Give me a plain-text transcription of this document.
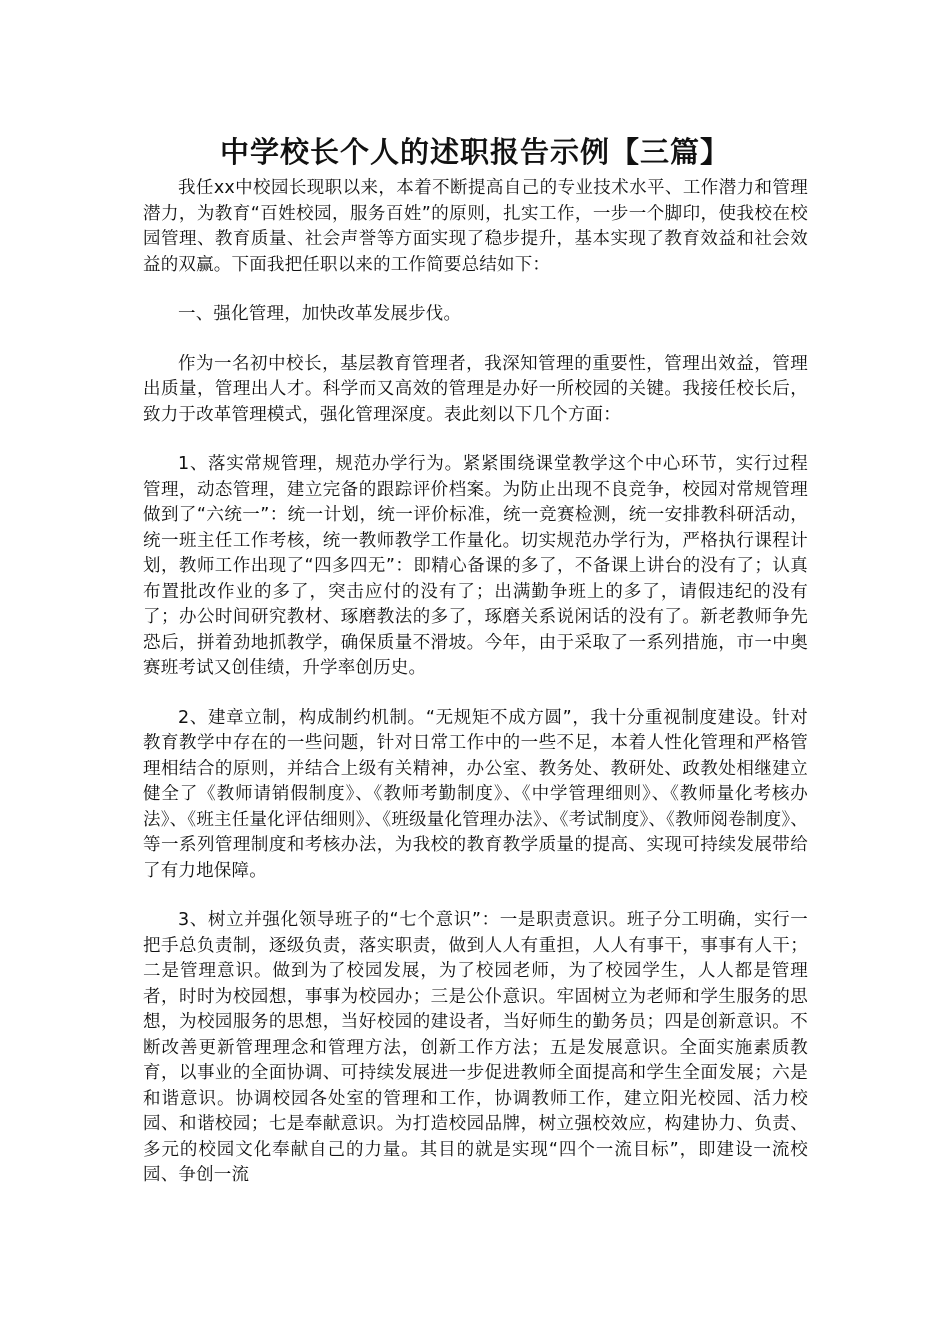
中学校长个人的述职报告示例【三篇】

我任xx中校园长现职以来，本着不断提高自己的专业技术水平、工作潜力和管理潜力，为教育“百姓校园，服务百姓”的原则，扎实工作，一步一个脚印，使我校在校园管理、教育质量、社会声誉等方面实现了稳步提升，基本实现了教育效益和社会效益的双赢。下面我把任职以来的工作简要总结如下：

一、强化管理，加快改革发展步伐。

作为一名初中校长，基层教育管理者，我深知管理的重要性，管理出效益，管理出质量，管理出人才。科学而又高效的管理是办好一所校园的关键。我接任校长后，致力于改革管理模式，强化管理深度。表此刻以下几个方面：

1、落实常规管理，规范办学行为。紧紧围绕课堂教学这个中心环节，实行过程管理，动态管理，建立完备的跟踪评价档案。为防止出现不良竞争，校园对常规管理做到了“六统一”：统一计划，统一评价标准，统一竞赛检测，统一安排教科研活动，统一班主任工作考核，统一教师教学工作量化。切实规范办学行为，严格执行课程计划，教师工作出现了“四多四无”：即精心备课的多了，不备课上讲台的没有了；认真布置批改作业的多了，突击应付的没有了；出满勤争班上的多了，请假违纪的没有了；办公时间研究教材、琢磨教法的多了，琢磨关系说闲话的没有了。新老教师争先恐后，拼着劲地抓教学，确保质量不滑坡。今年，由于采取了一系列措施，市一中奥赛班考试又创佳绩，升学率创历史。

2、建章立制，构成制约机制。“无规矩不成方圆”，我十分重视制度建设。针对教育教学中存在的一些问题，针对日常工作中的一些不足，本着人性化管理和严格管理相结合的原则，并结合上级有关精神，办公室、教务处、教研处、政教处相继建立健全了《教师请销假制度》、《教师考勤制度》、《中学管理细则》、《教师量化考核办法》、《班主任量化评估细则》、《班级量化管理办法》、《考试制度》、《教师阅卷制度》、等一系列管理制度和考核办法，为我校的教育教学质量的提高、实现可持续发展带给了有力地保障。

3、树立并强化领导班子的“七个意识”：一是职责意识。班子分工明确，实行一把手总负责制，逐级负责，落实职责，做到人人有重担，人人有事干，事事有人干；二是管理意识。做到为了校园发展，为了校园老师，为了校园学生，人人都是管理者，时时为校园想，事事为校园办；三是公仆意识。牢固树立为老师和学生服务的思想，为校园服务的思想，当好校园的建设者，当好师生的勤务员；四是创新意识。不断改善更新管理理念和管理方法，创新工作方法；五是发展意识。全面实施素质教育，以事业的全面协调、可持续发展进一步促进教师全面提高和学生全面发展；六是和谐意识。协调校园各处室的管理和工作，协调教师工作，建立阳光校园、活力校园、和谐校园；七是奉献意识。为打造校园品牌，树立强校效应，构建协力、负责、多元的校园文化奉献自己的力量。其目的就是实现“四个一流目标”，即建设一流校园、争创一流
